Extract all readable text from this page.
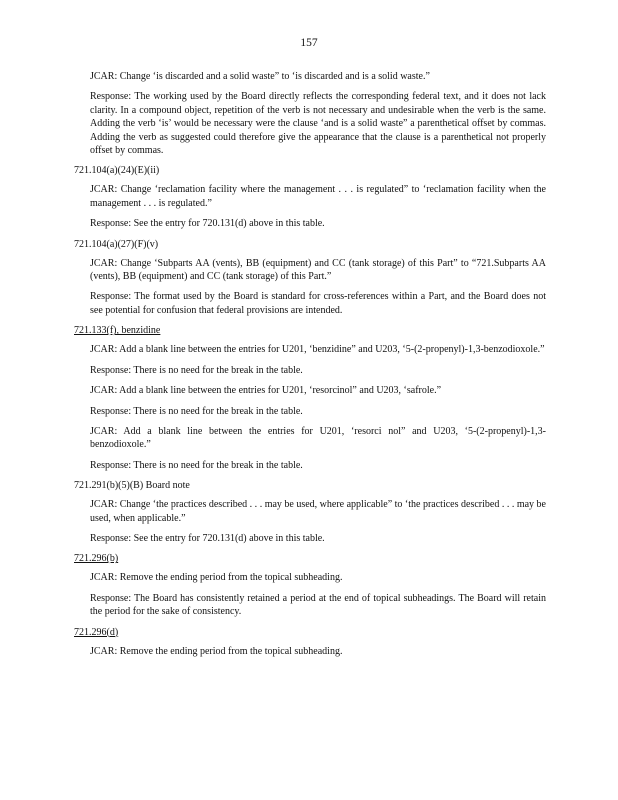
157
JCAR: Change ‘is discarded and a solid waste” to ‘is discarded and is a solid waste.”
Response: The working used by the Board directly reflects the corresponding federal text, and it does not lack clarity. In a compound object, repetition of the verb is not necessary and undesirable when the verb is the same. Adding the verb ‘is’ would be necessary were the clause ‘and is a solid waste” a parenthetical offset by commas. Adding the verb as suggested could therefore give the appearance that the clause is a parenthetical not properly offset by commas.
721.104(a)(24)(E)(ii)
JCAR: Change ‘reclamation facility where the management . . . is regulated” to ‘reclamation facility when the management . . . is regulated.”
Response: See the entry for 720.131(d) above in this table.
721.104(a)(27)(F)(v)
JCAR: Change ‘Subparts AA (vents), BB (equipment) and CC (tank storage) of this Part” to “721.Subparts AA (vents), BB (equipment) and CC (tank storage) of this Part.”
Response: The format used by the Board is standard for cross-references within a Part, and the Board does not see potential for confusion that federal provisions are intended.
721.133(f), benzidine
JCAR: Add a blank line between the entries for U201, ‘benzidine” and U203, ‘5-(2-propenyl)-1,3-benzodioxole.”
Response: There is no need for the break in the table.
JCAR: Add a blank line between the entries for U201, ‘resorcinol” and U203, ‘safrole.”
Response: There is no need for the break in the table.
JCAR: Add a blank line between the entries for U201, ‘resorci nol” and U203, ‘5-(2-propenyl)-1,3-benzodioxole.”
Response: There is no need for the break in the table.
721.291(b)(5)(B) Board note
JCAR: Change ‘the practices described . . . may be used, where applicable” to ‘the practices described . . . may be used, when applicable.”
Response: See the entry for 720.131(d) above in this table.
721.296(b)
JCAR: Remove the ending period from the topical subheading.
Response: The Board has consistently retained a period at the end of topical subheadings. The Board will retain the period for the sake of consistency.
721.296(d)
JCAR: Remove the ending period from the topical subheading.
